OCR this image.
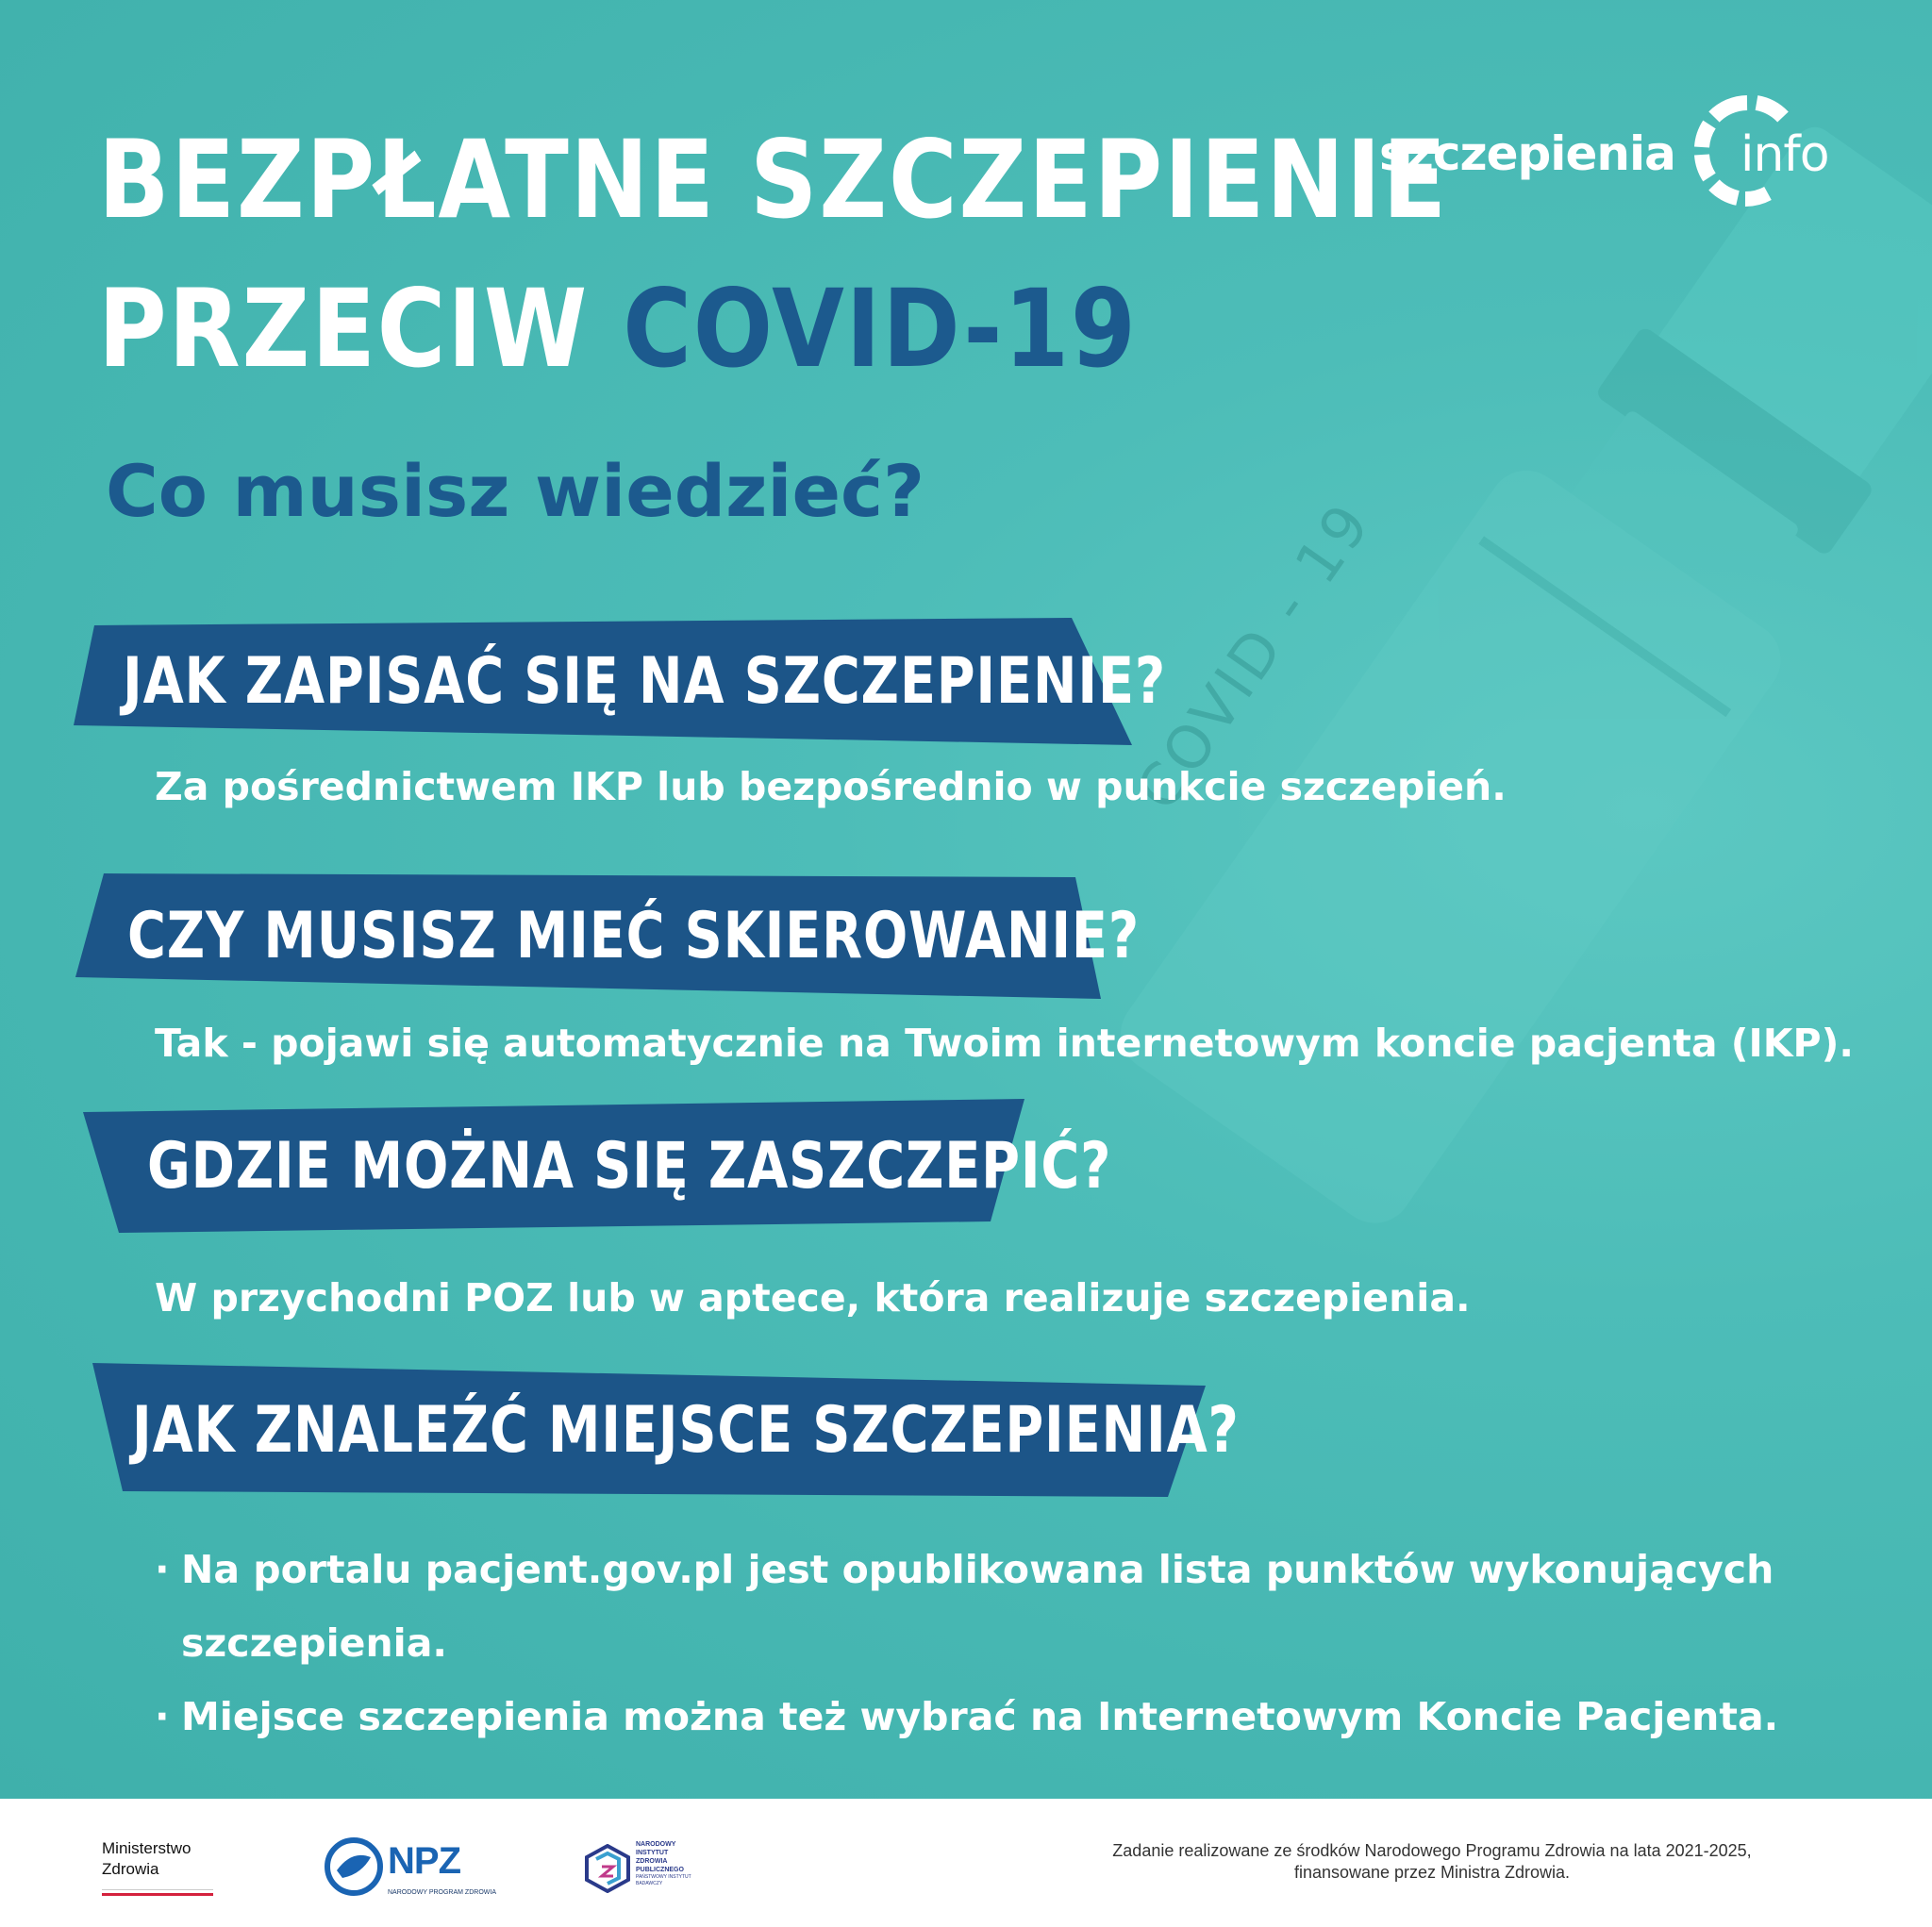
COVID - 19
BEZPŁATNE SZCZEPIENIE
PRZECIW COVID-19
szczepienia info
Co musisz wiedzieć?
JAK ZAPISAĆ SIĘ NA SZCZEPIENIE?
Za pośrednictwem IKP lub bezpośrednio w punkcie szczepień.
CZY MUSISZ MIEĆ SKIEROWANIE?
Tak - pojawi się automatycznie na Twoim internetowym koncie pacjenta (IKP).
GDZIE MOŻNA SIĘ ZASZCZEPIĆ?
W przychodni POZ lub w aptece, która realizuje szczepienia.
JAK ZNALEŹĆ MIEJSCE SZCZEPIENIA?
· Na portalu pacjent.gov.pl jest opublikowana lista punktów wykonujących szczepienia.
· Miejsce szczepienia można też wybrać na Internetowym Koncie Pacjenta.
Ministerstwo
Zdrowia	NPZ
NARODOWY PROGRAM ZDROWIA
NARODOWY
INSTYTUT
ZDROWIA
PUBLICZNEGO
PAŃSTWOWY INSTYTUT
BADAWCZY
Zadanie realizowane ze środków Narodowego Programu Zdrowia na lata 2021-2025,
finansowane przez Ministra Zdrowia.
